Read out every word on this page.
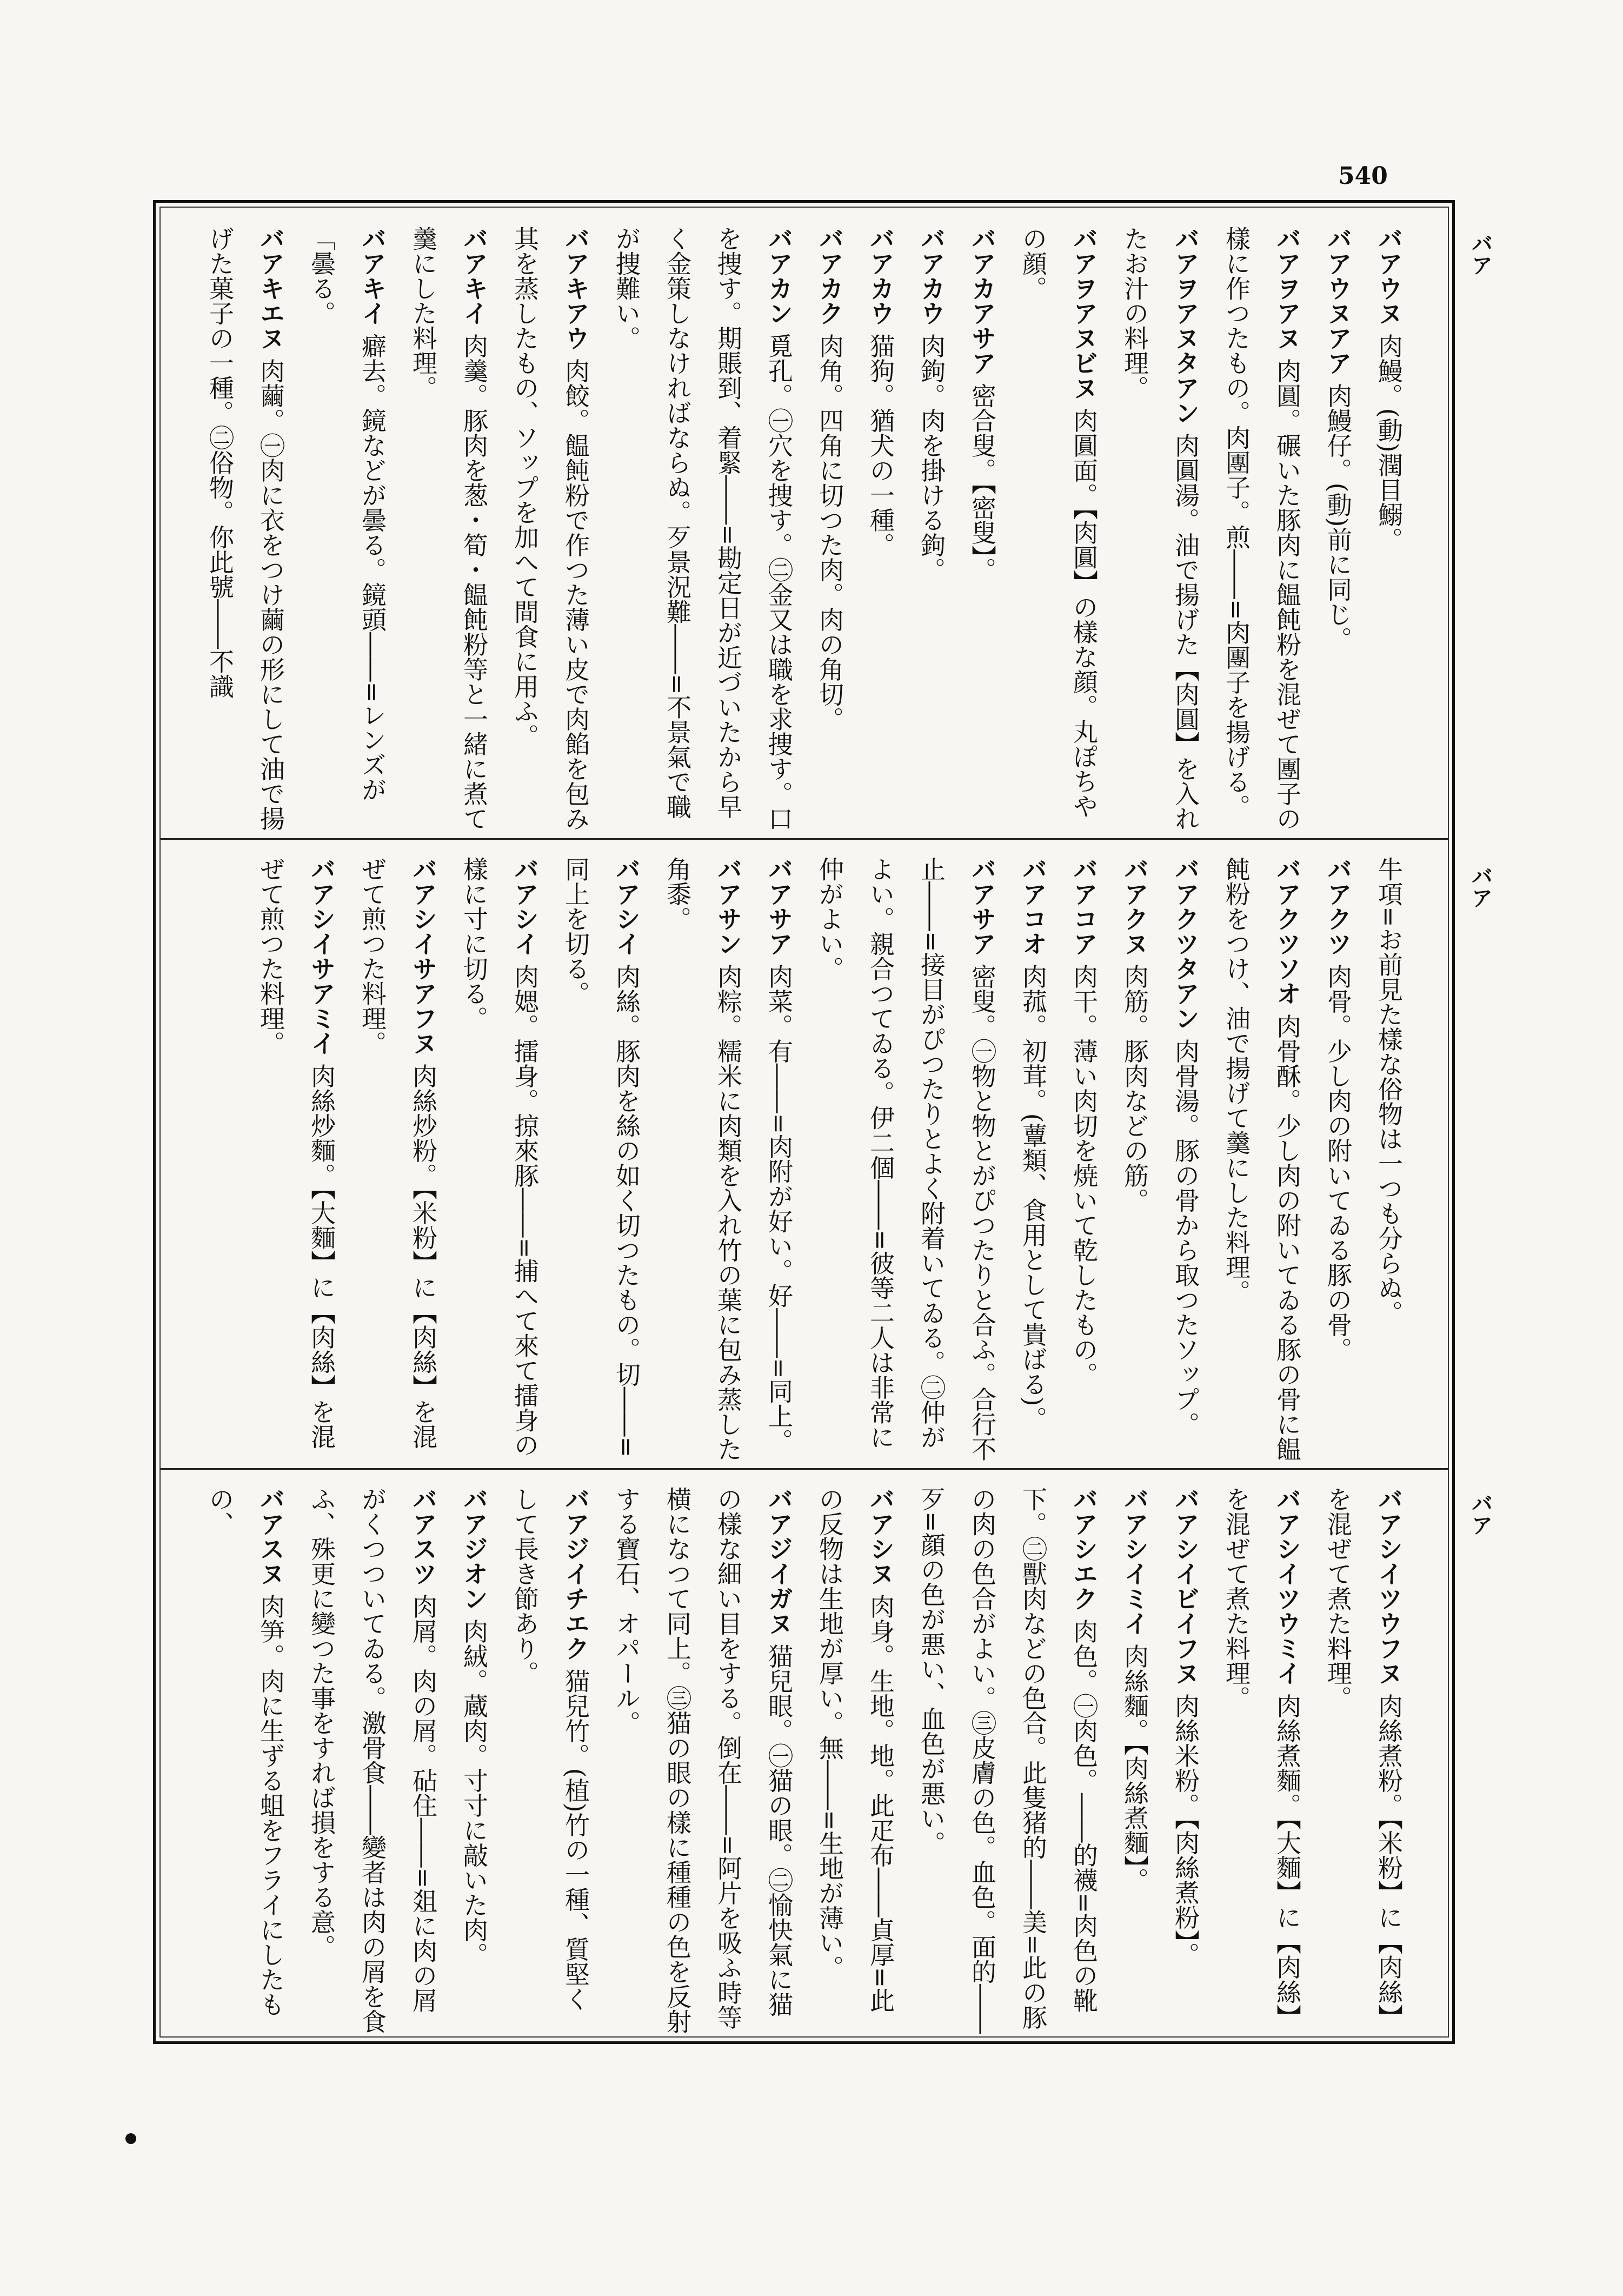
540
バア
バア
バア
バアウヌ 肉鰻。(動)潤目鰯。
バアウヌアア 肉鰻仔。(動)前に同じ。
バアヲアヌ 肉圓。碾いた豚肉に饂飩粉を混ぜて團子の樣に作つたもの。肉團子。煎――=肉團子を揚げる。
バアヲアヌタアン 肉圓湯。油で揚げた【肉圓】を入れたお汁の料理。
バアヲアヌビヌ 肉圓面。【肉圓】の樣な顔。丸ぽちやの顔。
バアカアサア 密合叟。【密叟】。
バアカウ 肉鉤。肉を掛ける鉤。
バアカウ 猫狗。猶犬の一種。
バアカク 肉角。四角に切つた肉。肉の角切。
バアカン 覓孔。㊀穴を捜す。㊁金又は職を求捜す。口を捜す。期賬到、着緊――=勘定日が近づいたから早く金策しなければならぬ。歹景況難――=不景氣で職が捜難い。
バアキアウ 肉餃。饂飩粉で作つた薄い皮で肉餡を包み其を蒸したもの、ソップを加へて間食に用ふ。
バアキイ 肉羹。豚肉を葱・筍・饂飩粉等と一緒に煮て羹にした料理。
バアキイ 癖去。鏡などが曇る。鏡頭――=レンズが「曇る。
バアキエヌ 肉繭。㊀肉に衣をつけ繭の形にして油で揚げた菓子の一種。㊁俗物。你此號――不識
牛項=お前見た樣な俗物は一つも分らぬ。
バアクツ 肉骨。少し肉の附いてゐる豚の骨。
バアクツソオ 肉骨酥。少し肉の附いてゐる豚の骨に饂飩粉をつけ、油で揚げて羹にした料理。
バアクツタアン 肉骨湯。豚の骨から取つたソップ。
バアクヌ 肉筋。豚肉などの筋。
バアコア 肉干。薄い肉切を焼いて乾したもの。
バアコオ 肉菰。初茸。(蕈類、食用として貴ばる)。
バアサア 密叟。㊀物と物とがぴつたりと合ふ。合行不止――=接目がぴつたりとよく附着いてゐる。㊁仲がよい。親合つてゐる。伊二個――=彼等二人は非常に仲がよい。
バアサア 肉菜。有――=肉附が好い。好――=同上。
バアサン 肉粽。糯米に肉類を入れ竹の葉に包み蒸した角黍。
バアシイ 肉絲。豚肉を絲の如く切つたもの。切――=同上を切る。
バアシイ 肉媤。擂身。掠來豚――=捕へて來て擂身の樣に寸に切る。
バアシイサアフヌ 肉絲炒粉。【米粉】に【肉絲】を混ぜて煎つた料理。
バアシイサアミイ 肉絲炒麵。【大麵】に【肉絲】を混ぜて煎つた料理。
バアシイツウフヌ 肉絲煮粉。【米粉】に【肉絲】を混ぜて煮た料理。
バアシイツウミイ 肉絲煮麵。【大麵】に【肉絲】を混ぜて煮た料理。
バアシイビイフヌ 肉絲米粉。【肉絲煮粉】。
バアシイミイ 肉絲麵。【肉絲煮麵】。
バアシエク 肉色。㊀肉色。――的襪=肉色の靴下。㊁獸肉などの色合。此隻猪的――美=此の豚の肉の色合がよい。㊂皮膚の色。血色。面的――歹=顔の色が悪い、血色が悪い。
バアシヌ 肉身。生地。地。此疋布――貞厚=此の反物は生地が厚い。無――=生地が薄い。
バアジイガヌ 猫兒眼。㊀猫の眼。㊁愉快氣に猫の樣な細い目をする。倒在――=阿片を吸ふ時等横になつて同上。㊂猫の眼の樣に種種の色を反射する寶石、オパール。
バアジイチエク 猫兒竹。(植)竹の一種、質堅くして長き節あり。
バアジオン 肉絨。蔵肉。寸寸に敲いた肉。
バアスツ 肉屑。肉の屑。砧住――=爼に肉の屑がくつついてゐる。激骨食――變者は肉の屑を食ふ、殊更に變つた事をすれば損をする意。
バアスヌ 肉笋。肉に生ずる蛆をフライにしたもの、
